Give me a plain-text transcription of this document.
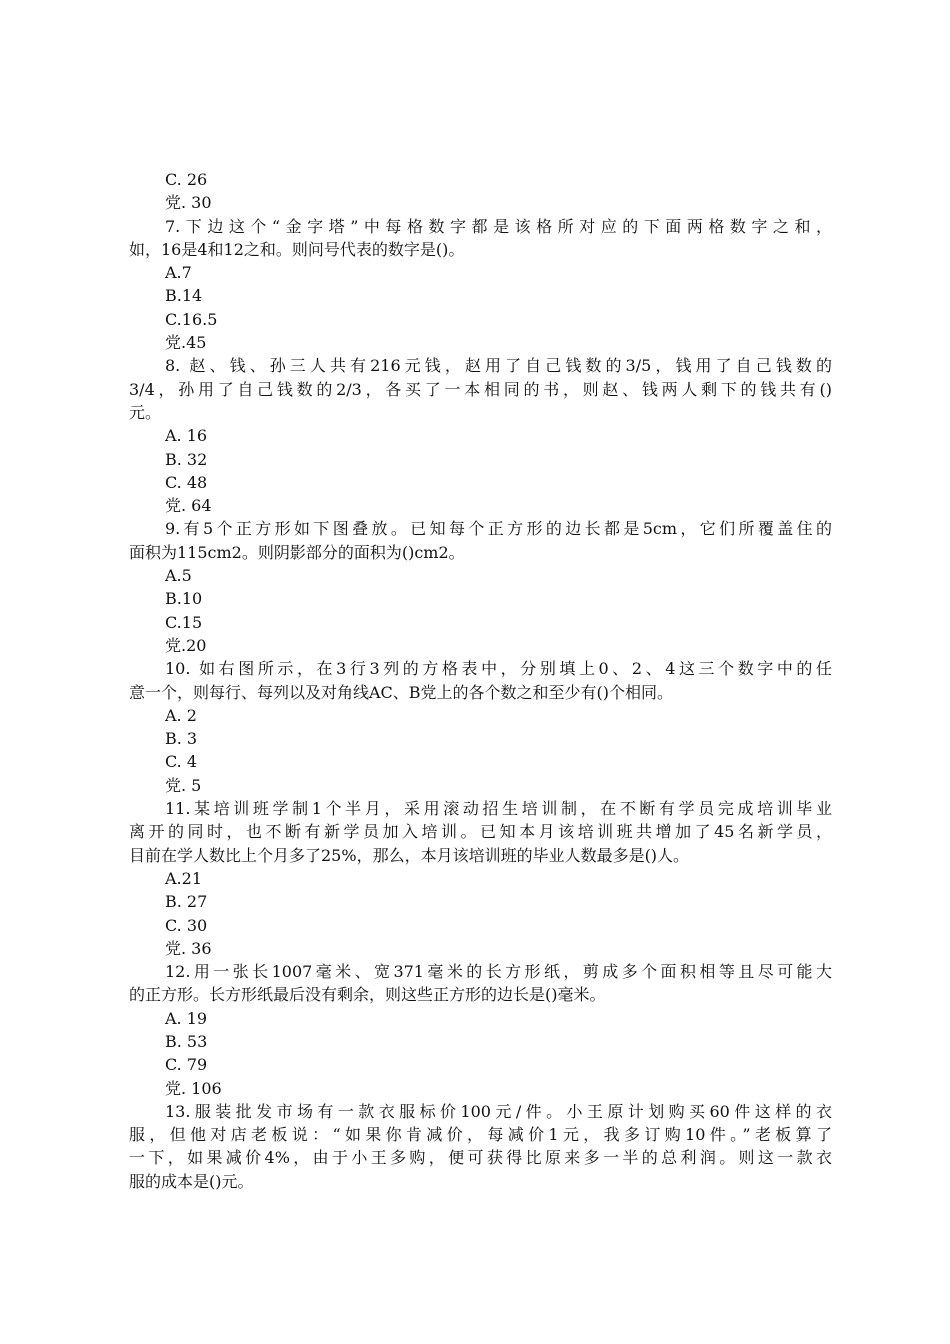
C. 26

党. 30

7.下边这个“金字塔”中每格数字都是该格所对应的下面两格数字之和，

如，16是4和12之和。则问号代表的数字是()。

A.7

B.14

C.16.5

党.45

8. 赵、钱、孙三人共有216元钱，赵用了自己钱数的3/5，钱用了自己钱数的

3/4，孙用了自己钱数的2/3，各买了一本相同的书，则赵、钱两人剩下的钱共有()

元。

A. 16

B. 32

C. 48

党. 64

9.有5个正方形如下图叠放。已知每个正方形的边长都是5cm，它们所覆盖住的

面积为115cm2。则阴影部分的面积为()cm2。

A.5

B.10

C.15

党.20

10. 如右图所示，在3行3列的方格表中，分别填上0、2、4这三个数字中的任

意一个，则每行、每列以及对角线AC、B党上的各个数之和至少有()个相同。

A. 2

B. 3

C. 4

党. 5

11.某培训班学制1个半月，采用滚动招生培训制，在不断有学员完成培训毕业

离开的同时，也不断有新学员加入培训。已知本月该培训班共增加了45名新学员，

目前在学人数比上个月多了25%，那么，本月该培训班的毕业人数最多是()人。

A.21

B. 27

C. 30

党. 36

12.用一张长1007毫米、宽371毫米的长方形纸，剪成多个面积相等且尽可能大

的正方形。长方形纸最后没有剩余，则这些正方形的边长是()毫米。

A. 19

B. 53

C. 79

党. 106

13.服装批发市场有一款衣服标价100元/件。小王原计划购买60件这样的衣

服，但他对店老板说：“如果你肯减价，每减价1元，我多订购10件。”老板算了

一下，如果减价4%，由于小王多购，便可获得比原来多一半的总利润。则这一款衣

服的成本是()元。
